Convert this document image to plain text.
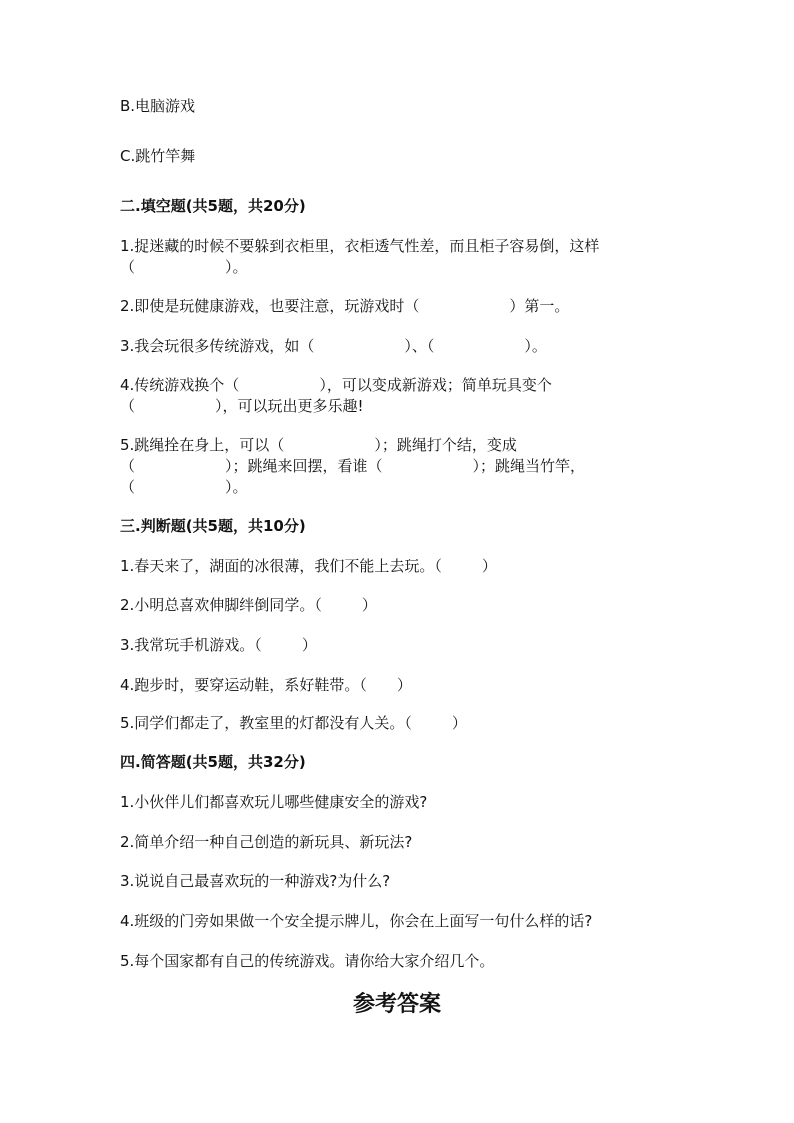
B.电脑游戏
C.跳竹竿舞
二.填空题(共5题，共20分)
1.捉迷藏的时候不要躲到衣柜里，衣柜透气性差，而且柜子容易倒，这样
（	）。
2.即使是玩健康游戏，也要注意，玩游戏时（	）第一。
3.我会玩很多传统游戏，如（	）、（	）。
4.传统游戏换个（	），可以变成新游戏；简单玩具变个
（	），可以玩出更多乐趣!
5.跳绳拴在身上，可以（	）；跳绳打个结，变成
（	）；跳绳来回摆，看谁（	）；跳绳当竹竿，
（	）。
三.判断题(共5题，共10分)
1.春天来了，湖面的冰很薄，我们不能上去玩。（	）
2.小明总喜欢伸脚绊倒同学。（	）
3.我常玩手机游戏。（	）
4.跑步时，要穿运动鞋，系好鞋带。（ ）
5.同学们都走了，教室里的灯都没有人关。（	）
四.简答题(共5题，共32分)
1.小伙伴儿们都喜欢玩儿哪些健康安全的游戏?
2.简单介绍一种自己创造的新玩具、新玩法?
3.说说自己最喜欢玩的一种游戏?为什么?
4.班级的门旁如果做一个安全提示牌儿，你会在上面写一句什么样的话?
5.每个国家都有自己的传统游戏。请你给大家介绍几个。
参考答案
